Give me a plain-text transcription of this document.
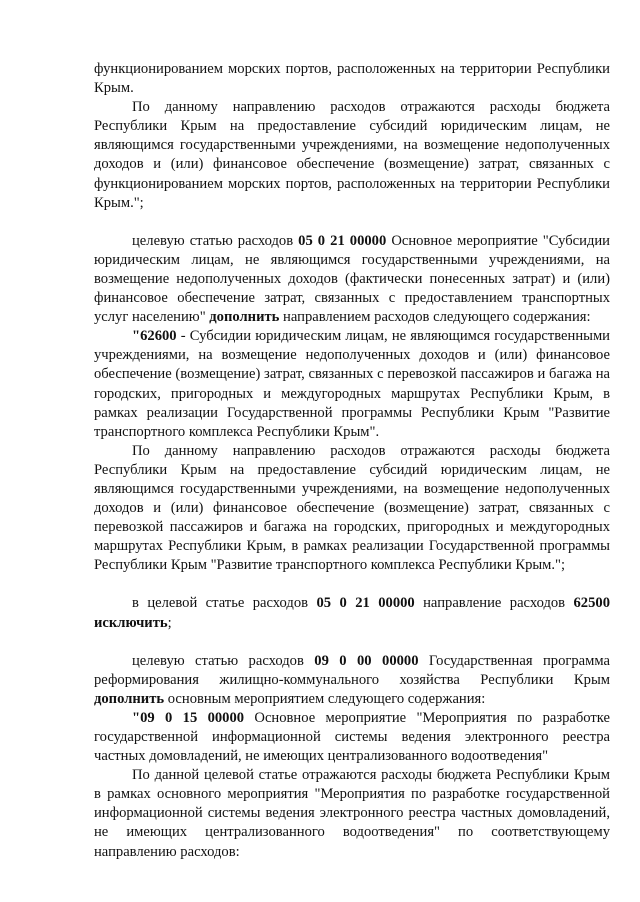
функционированием морских портов, расположенных на территории Республики Крым.

По данному направлению расходов отражаются расходы бюджета Республики Крым на предоставление субсидий юридическим лицам, не являющимся государственными учреждениями, на возмещение недополученных доходов и (или) финансовое обеспечение (возмещение) затрат, связанных с функционированием морских портов, расположенных на территории Республики Крым.";

целевую статью расходов 05 0 21 00000 Основное мероприятие "Субсидии юридическим лицам, не являющимся государственными учреждениями, на возмещение недополученных доходов (фактически понесенных затрат) и (или) финансовое обеспечение затрат, связанных с предоставлением транспортных услуг населению" дополнить направлением расходов следующего содержания:

"62600 - Субсидии юридическим лицам, не являющимся государственными учреждениями, на возмещение недополученных доходов и (или) финансовое обеспечение (возмещение) затрат, связанных с перевозкой пассажиров и багажа на городских, пригородных и междугородных маршрутах Республики Крым, в рамках реализации Государственной программы Республики Крым "Развитие транспортного комплекса Республики Крым".

По данному направлению расходов отражаются расходы бюджета Республики Крым на предоставление субсидий юридическим лицам, не являющимся государственными учреждениями, на возмещение недополученных доходов и (или) финансовое обеспечение (возмещение) затрат, связанных с перевозкой пассажиров и багажа на городских, пригородных и междугородных маршрутах Республики Крым, в рамках реализации Государственной программы Республики Крым "Развитие транспортного комплекса Республики Крым.";

в целевой статье расходов 05 0 21 00000 направление расходов 62500 исключить;

целевую статью расходов 09 0 00 00000 Государственная программа реформирования жилищно-коммунального хозяйства Республики Крым дополнить основным мероприятием следующего содержания:

"09 0 15 00000 Основное мероприятие "Мероприятия по разработке государственной информационной системы ведения электронного реестра частных домовладений, не имеющих централизованного водоотведения"

По данной целевой статье отражаются расходы бюджета Республики Крым в рамках основного мероприятия "Мероприятия по разработке государственной информационной системы ведения электронного реестра частных домовладений, не имеющих централизованного водоотведения" по соответствующему направлению расходов:
